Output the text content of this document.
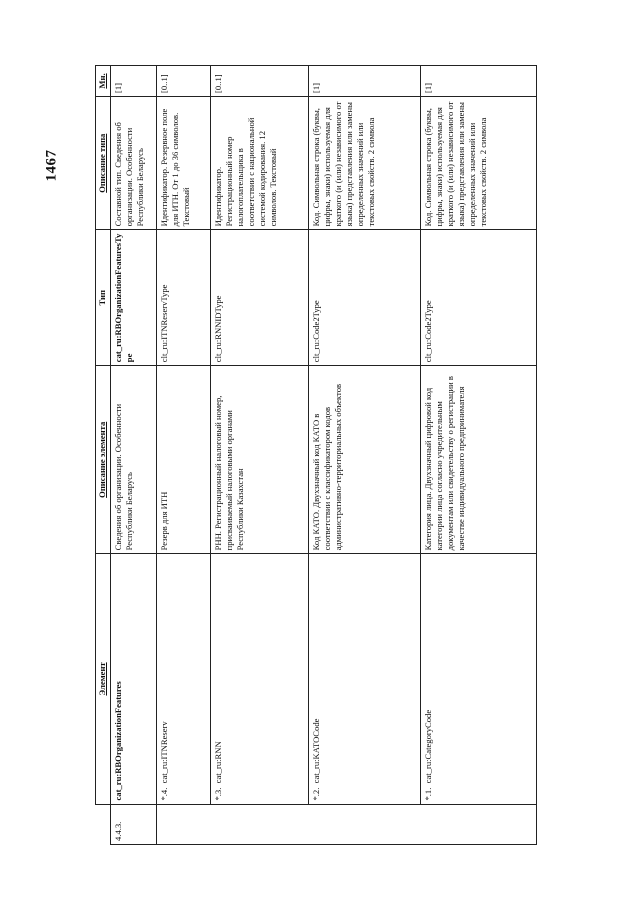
1467
	Элемент	Описание элемента	Тип	Описание типа	Мн.
4.4.3.	cat_ru:RBOrganizationFeatures	Сведения об организации. Особенности Республики Беларусь	cat_ru:RBOrganizationFeaturesType	Составной тип. Сведения об организации. Особенности Республики Беларусь	[1]
	*.4.  cat_ru:ITNReserv	Резерв для ИТН	clt_ru:ITNReservType	Идентификатор. Резервное поле для ИТН. От 1 до 36 символов. Текстовый	[0..1]
	*.3.  cat_ru:RNN	РНН. Регистрационный налоговый номер, присваиваемый налоговыми органами Республики Казахстан	clt_ru:RNNIDType	Идентификатор. Регистрационный номер налогоплательщика в соответствии с национальной системой кодирования. 12 символов. Текстовый	[0..1]
	*.2.  cat_ru:KATOCode	Код КАТО. Двухзначный код КАТО в соответствии с классификатором кодов административно-территориальных объектов	clt_ru:Code2Type	Код. Символьная строка (буквы, цифры, знаки) используемая для краткого (и (или) независимого от языка) представления или замены определенных значений или текстовых свойств. 2 символа	[1]
	*.1.  cat_ru:CategoryCode	Категория лица. Двухзначный цифровой код категории лица согласно учредительным документам или свидетельству о регистрации в качестве индивидуального предпринимателя	clt_ru:Code2Type	Код. Символьная строка (буквы, цифры, знаки) используемая для краткого (и (или) независимого от языка) представления или замены определенных значений или текстовых свойств. 2 символа	[1]
